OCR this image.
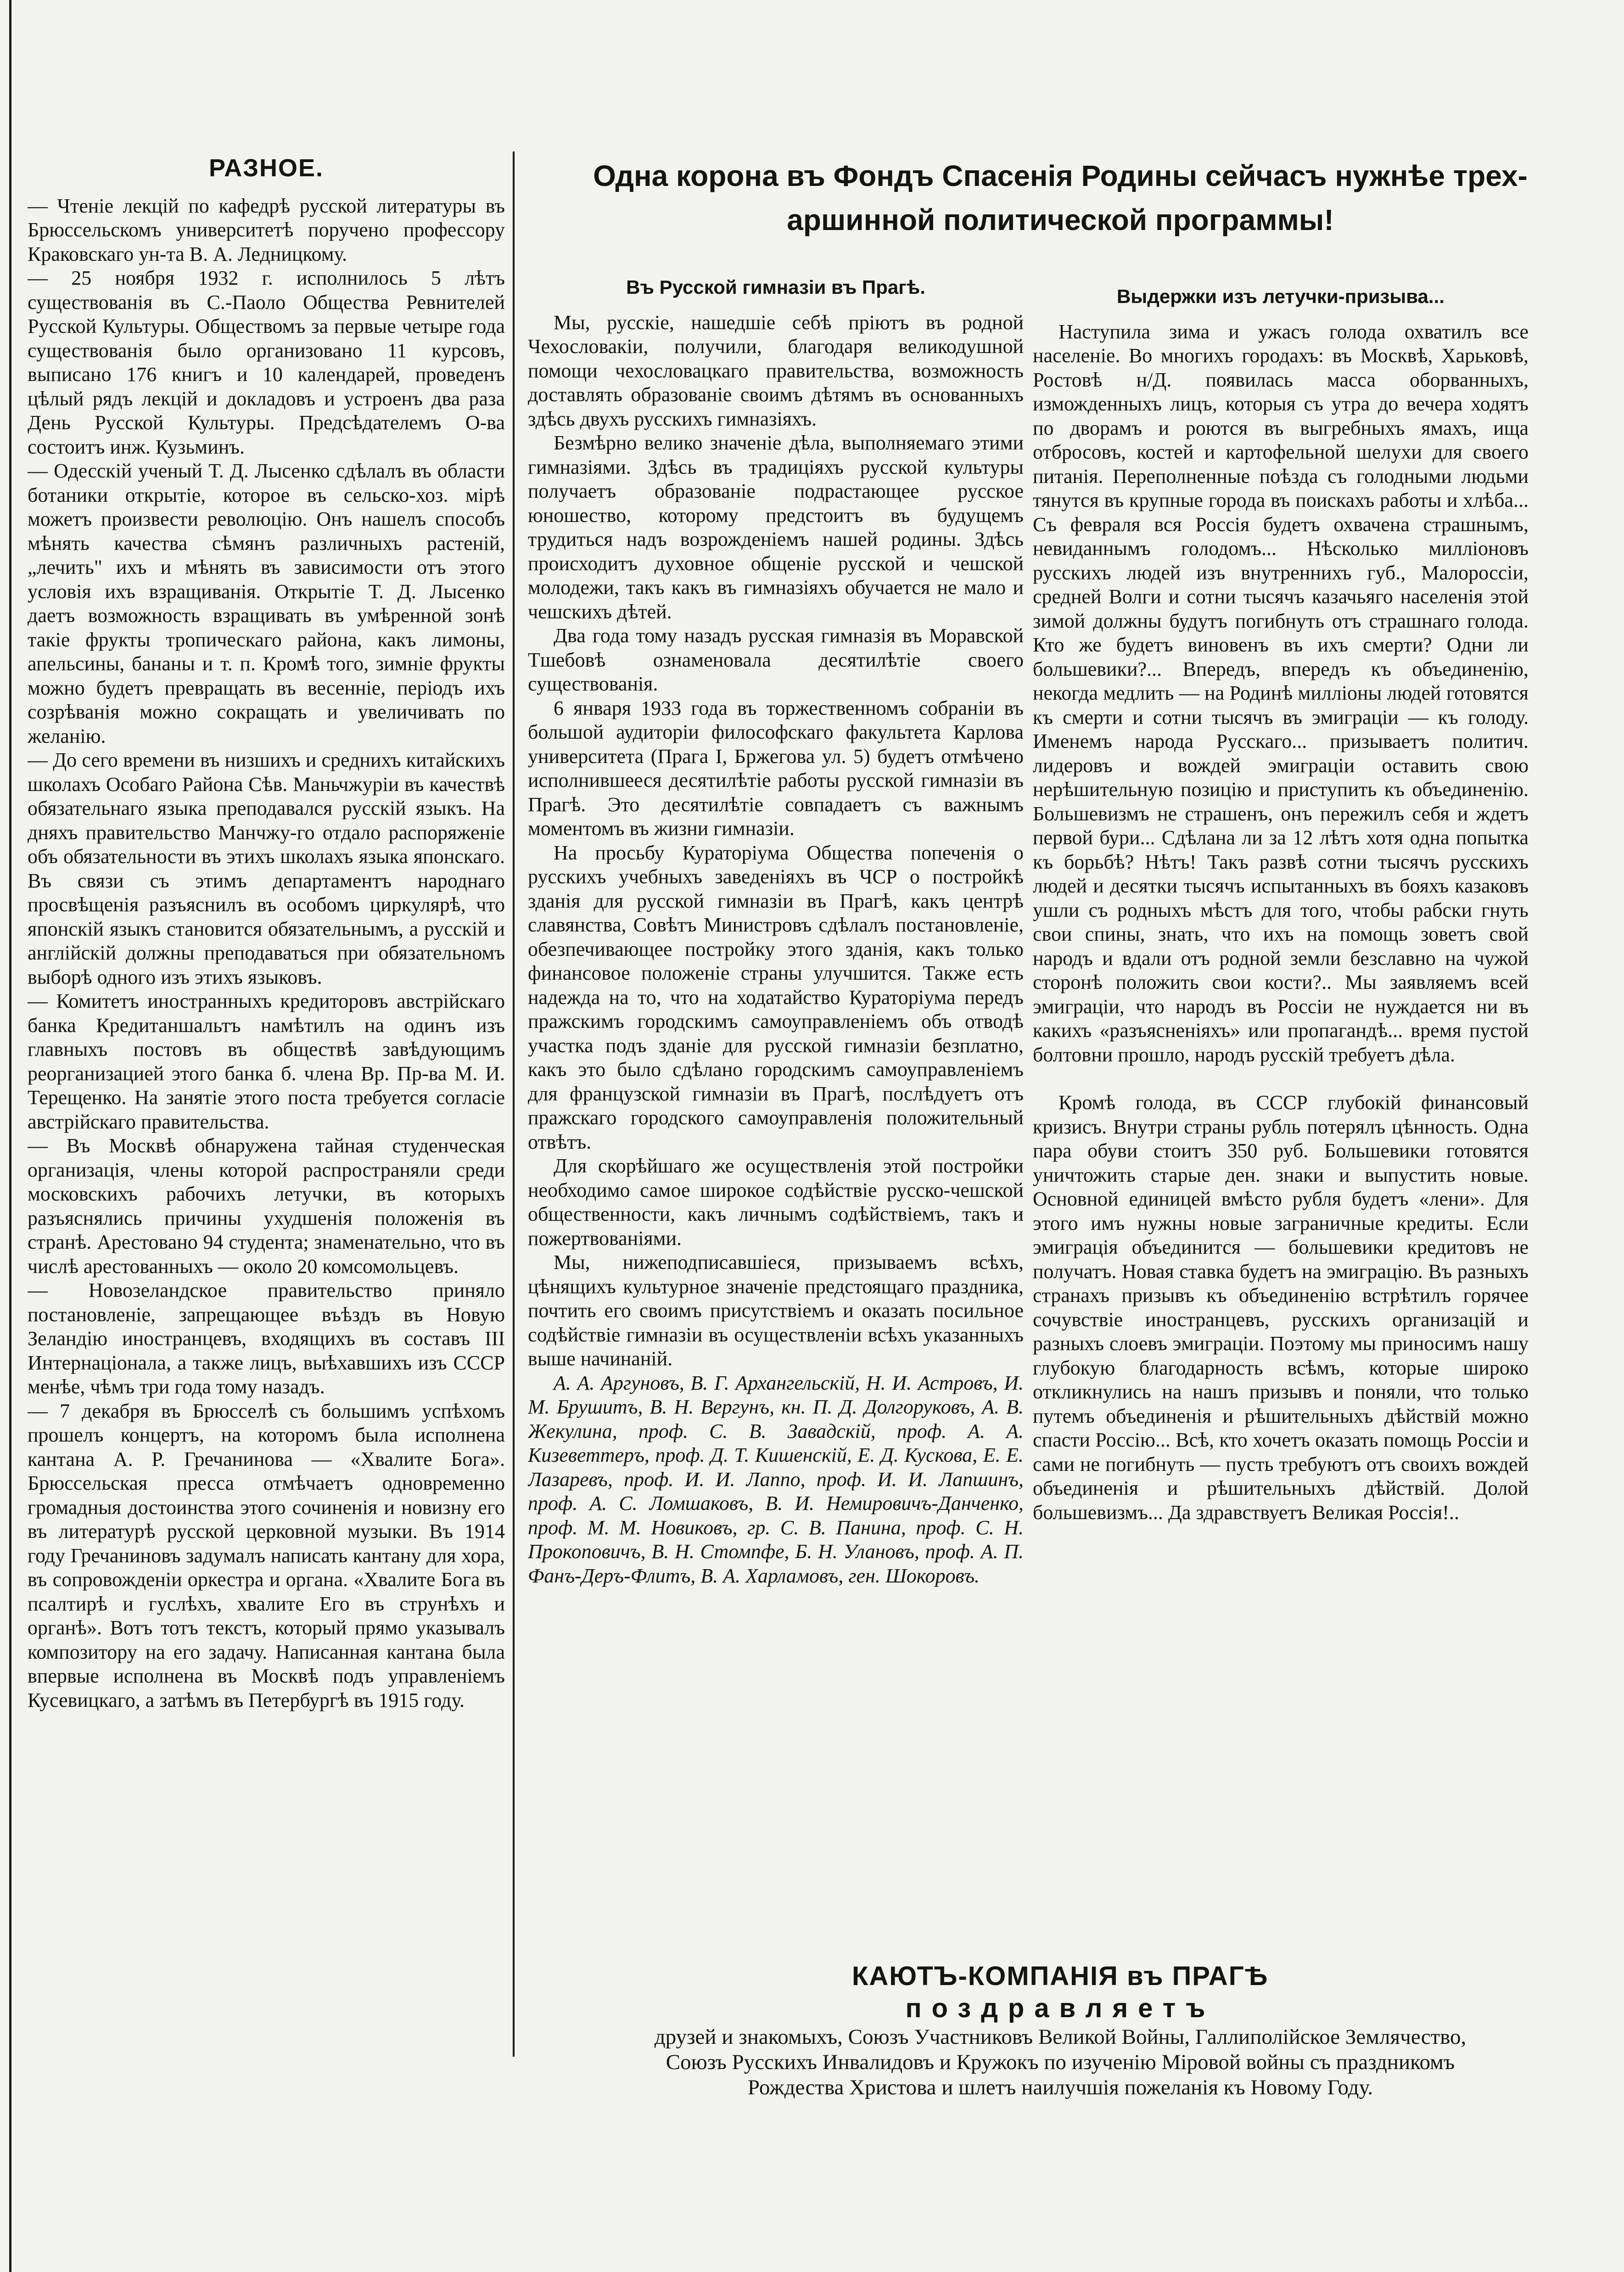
РАЗНОЕ.

— Чтеніе лекцій по кафедрѣ русской литературы въ Брюссельскомъ университетѣ поручено профессору Краковскаго ун-та В. А. Ледницкому.

— 25 ноября 1932 г. исполнилось 5 лѣтъ существованія въ С.-Паоло Общества Ревнителей Русской Культуры. Обществомъ за первые четыре года существованія было организовано 11 курсовъ, выписано 176 книгъ и 10 календарей, проведенъ цѣлый рядъ лекцій и докладовъ и устроенъ два раза День Русской Культуры. Предсѣдателемъ О-ва состоитъ инж. Кузьминъ.

— Одесскій ученый Т. Д. Лысенко сдѣлалъ въ области ботаники открытіе, которое въ сельско-хоз. мірѣ можетъ произвести революцію. Онъ нашелъ способъ мѣнять качества сѣмянъ различныхъ растеній, „лечить" ихъ и мѣнять въ зависимости отъ этого условія ихъ взращиванія. Открытіе Т. Д. Лысенко даетъ возможность взращивать въ умѣренной зонѣ такіе фрукты тропическаго района, какъ лимоны, апельсины, бананы и т. п. Кромѣ того, зимніе фрукты можно будетъ превращать въ весенніе, періодъ ихъ созрѣванія можно сокращать и увеличивать по желанію.

— До сего времени въ низшихъ и среднихъ китайскихъ школахъ Особаго Района Сѣв. Маньчжуріи въ качествѣ обязательнаго языка преподавался русскій языкъ. На дняхъ правительство Манчжу-го отдало распоряженіе объ обязательности въ этихъ школахъ языка японскаго. Въ связи съ этимъ департаментъ народнаго просвѣщенія разъяснилъ въ особомъ циркулярѣ, что японскій языкъ становится обязательнымъ, а русскій и англійскій должны преподаваться при обязательномъ выборѣ одного изъ этихъ языковъ.

— Комитетъ иностранныхъ кредиторовъ австрійскаго банка Кредитаншальтъ намѣтилъ на одинъ изъ главныхъ постовъ въ обществѣ завѣдующимъ реорганизацией этого банка б. члена Вр. Пр-ва М. И. Терещенко. На занятіе этого поста требуется согласіе австрійскаго правительства.

— Въ Москвѣ обнаружена тайная студенческая организація, члены которой распространяли среди московскихъ рабочихъ летучки, въ которыхъ разъяснялись причины ухудшенія положенія въ странѣ. Арестовано 94 студента; знаменательно, что въ числѣ арестованныхъ — около 20 комсомольцевъ.

— Новозеландское правительство приняло постановленіе, запрещающее въѣздъ въ Новую Зеландію иностранцевъ, входящихъ въ составъ III Интернаціонала, а также лицъ, выѣхавшихъ изъ СССР менѣе, чѣмъ три года тому назадъ.

— 7 декабря въ Брюсселѣ съ большимъ успѣхомъ прошелъ концертъ, на которомъ была исполнена кантана А. Р. Гречанинова — «Хвалите Бога». Брюссельская пресса отмѣчаетъ одновременно громадныя достоинства этого сочиненія и новизну его въ литературѣ русской церковной музыки. Въ 1914 году Гречаниновъ задумалъ написать кантану для хора, въ сопровожденіи оркестра и органа. «Хвалите Бога въ псалтирѣ и гуслѣхъ, хвалите Его въ струнѣхъ и органѣ». Вотъ тотъ текстъ, который прямо указывалъ композитору на его задачу. Написанная кантана была впервые исполнена въ Москвѣ подъ управленіемъ Кусевицкаго, а затѣмъ въ Петербургѣ въ 1915 году.

Одна корона въ Фондъ Спасенія Родины сейчасъ нужнѣе трех-
аршинной политической программы!
Въ Русской гимназіи въ Прагѣ.

Мы, русскіе, нашедшіе себѣ пріютъ въ родной Чехословакіи, получили, благодаря великодушной помощи чехословацкаго правительства, возможность доставлять образованіе своимъ дѣтямъ въ основанныхъ здѣсь двухъ русскихъ гимназіяхъ.

Безмѣрно велико значеніе дѣла, выполняемаго этими гимназіями. Здѣсь въ традиціяхъ русской культуры получаетъ образованіе подрастающее русское юношество, которому предстоитъ въ будущемъ трудиться надъ возрожденіемъ нашей родины. Здѣсь происходитъ духовное общеніе русской и чешской молодежи, такъ какъ въ гимназіяхъ обучается не мало и чешскихъ дѣтей.

Два года тому назадъ русская гимназія въ Моравской Тшебовѣ ознаменовала десятилѣтіе своего существованія.

6 января 1933 года въ торжественномъ собраніи въ большой аудиторіи философскаго факультета Карлова университета (Прага I, Бржегова ул. 5) будетъ отмѣчено исполнившееся десятилѣтіе работы русской гимназіи въ Прагѣ. Это десятилѣтіе совпадаетъ съ важнымъ моментомъ въ жизни гимназіи.

На просьбу Кураторіума Общества попеченія о русскихъ учебныхъ заведеніяхъ въ ЧСР о постройкѣ зданія для русской гимназіи въ Прагѣ, какъ центрѣ славянства, Совѣтъ Министровъ сдѣлалъ постановленіе, обезпечивающее постройку этого зданія, какъ только финансовое положеніе страны улучшится. Также есть надежда на то, что на ходатайство Кураторіума передъ пражскимъ городскимъ самоуправленіемъ объ отводѣ участка подъ зданіе для русской гимназіи безплатно, какъ это было сдѣлано городскимъ самоуправленіемъ для французской гимназіи въ Прагѣ, послѣдуетъ отъ пражскаго городского самоуправленія положительный отвѣтъ.

Для скорѣйшаго же осуществленія этой постройки необходимо самое широкое содѣйствіе русско-чешской общественности, какъ личнымъ содѣйствіемъ, такъ и пожертвованіями.

Мы, нижеподписавшіеся, призываемъ всѣхъ, цѣнящихъ культурное значеніе предстоящаго праздника, почтить его своимъ присутствіемъ и оказать посильное содѣйствіе гимназіи въ осуществленіи всѣхъ указанныхъ выше начинаній.

А. А. Аргуновъ, В. Г. Архангельскій, Н. И. Астровъ, И. М. Брушитъ, В. Н. Вергунъ, кн. П. Д. Долгоруковъ, А. В. Жекулина, проф. С. В. Завадскій, проф. А. А. Кизеветтеръ, проф. Д. Т. Кишенскій, Е. Д. Кускова, Е. Е. Лазаревъ, проф. И. И. Лаппо, проф. И. И. Лапшинъ, проф. А. С. Ломшаковъ, В. И. Немировичъ-Данченко, проф. М. М. Новиковъ, гр. С. В. Панина, проф. С. Н. Прокоповичъ, В. Н. Стомпфе, Б. Н. Улановъ, проф. А. П. Фанъ-Деръ-Флитъ, В. А. Харламовъ, ген. Шокоровъ.

Выдержки изъ летучки-призыва...

Наступила зима и ужасъ голода охватилъ все населеніе. Во многихъ городахъ: въ Москвѣ, Харьковѣ, Ростовѣ н/Д. появилась масса оборванныхъ, изможденныхъ лицъ, которыя съ утра до вечера ходятъ по дворамъ и роются въ выгребныхъ ямахъ, ища отбросовъ, костей и картофельной шелухи для своего питанія. Переполненные поѣзда съ голодными людьми тянутся въ крупные города въ поискахъ работы и хлѣба... Съ февраля вся Россія будетъ охвачена страшнымъ, невиданнымъ голодомъ... Нѣсколько милліоновъ русскихъ людей изъ внутреннихъ губ., Малороссіи, средней Волги и сотни тысячъ казачьяго населенія этой зимой должны будутъ погибнуть отъ страшнаго голода. Кто же будетъ виновенъ въ ихъ смерти? Одни ли большевики?... Впередъ, впередъ къ объединенію, некогда медлить — на Родинѣ милліоны людей готовятся къ смерти и сотни тысячъ въ эмиграціи — къ голоду. Именемъ народа Русскаго... призываетъ политич. лидеровъ и вождей эмиграціи оставить свою нерѣшительную позицію и приступить къ объединенію. Большевизмъ не страшенъ, онъ пережилъ себя и ждетъ первой бури... Сдѣлана ли за 12 лѣтъ хотя одна попытка къ борьбѣ? Нѣтъ! Такъ развѣ сотни тысячъ русскихъ людей и десятки тысячъ испытанныхъ въ бояхъ казаковъ ушли съ родныхъ мѣстъ для того, чтобы рабски гнуть свои спины, знать, что ихъ на помощь зоветъ свой народъ и вдали отъ родной земли безславно на чужой сторонѣ положить свои кости?.. Мы заявляемъ всей эмиграціи, что народъ въ Россіи не нуждается ни въ какихъ «разъясненіяхъ» или пропагандѣ... время пустой болтовни прошло, народъ русскій требуетъ дѣла.

Кромѣ голода, въ СССР глубокій финансовый кризисъ. Внутри страны рубль потерялъ цѣнность. Одна пара обуви стоитъ 350 руб. Большевики готовятся уничтожить старые ден. знаки и выпустить новые. Основной единицей вмѣсто рубля будетъ «лени». Для этого имъ нужны новые заграничные кредиты. Если эмиграція объединится — большевики кредитовъ не получатъ. Новая ставка будетъ на эмиграцію. Въ разныхъ странахъ призывъ къ объединенію встрѣтилъ горячее сочувствіе иностранцевъ, русскихъ организацій и разныхъ слоевъ эмиграціи. Поэтому мы приносимъ нашу глубокую благодарность всѣмъ, которые широко откликнулись на нашъ призывъ и поняли, что только путемъ объединенія и рѣшительныхъ дѣйствій можно спасти Россію... Всѣ, кто хочетъ оказать помощь Россіи и сами не погибнуть — пусть требуютъ отъ своихъ вождей объединенія и рѣшительныхъ дѣйствій. Долой большевизмъ... Да здравствуетъ Великая Россія!..

КАЮТЪ-КОМПАНІЯ въ ПРАГѢ
поздравляетъ
друзей и знакомыхъ, Союзъ Участниковъ Великой Войны, Галлиполійское Землячество,
Союзъ Русскихъ Инвалидовъ и Кружокъ по изученію Міровой войны съ праздникомъ
Рождества Христова и шлетъ наилучшія пожеланія къ Новому Году.
